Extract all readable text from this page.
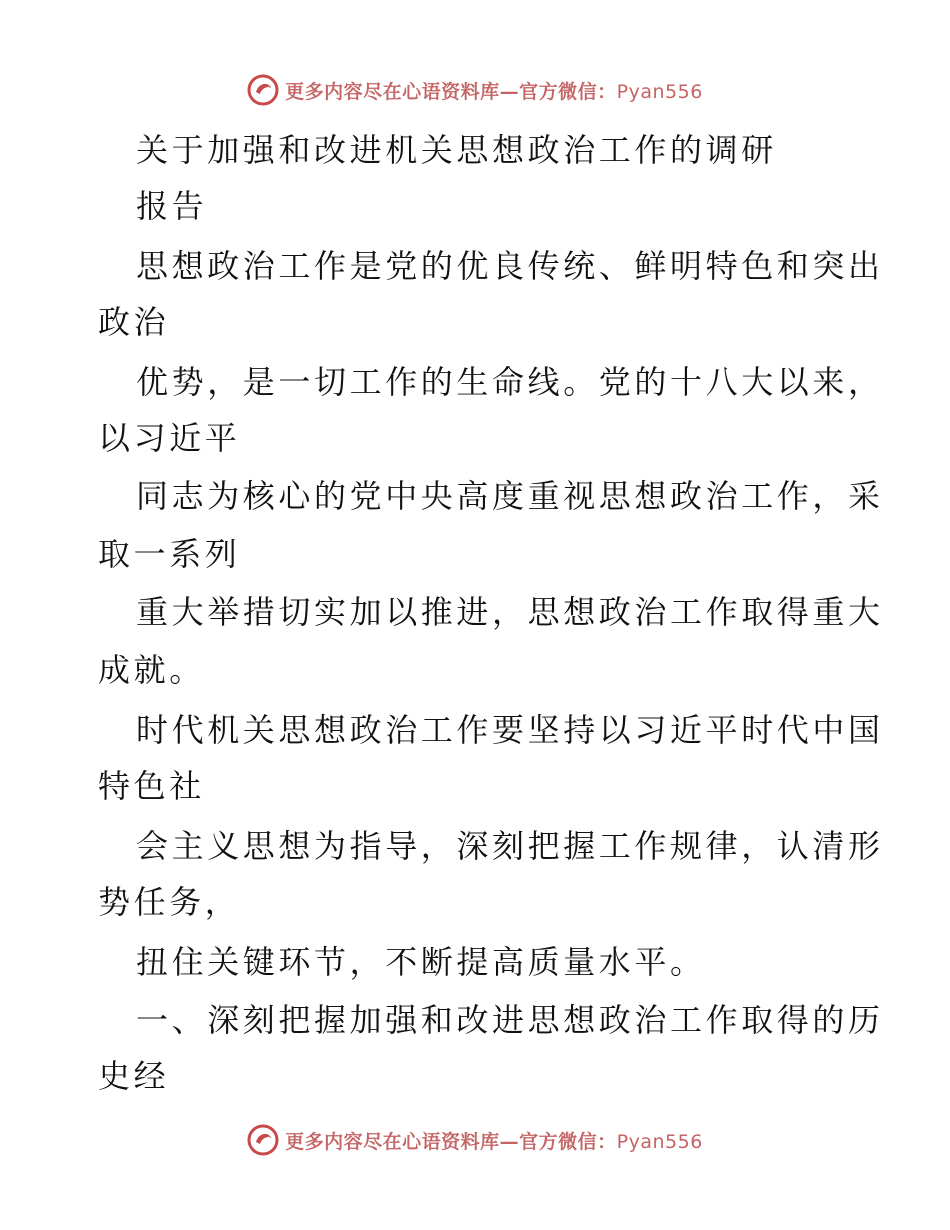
更多内容尽在心语资料库—官方微信：Pyan556
关于加强和改进机关思想政治工作的调研
报告
思想政治工作是党的优良传统、鲜明特色和突出
政治
优势，是一切工作的生命线。党的十八大以来，
以习近平
同志为核心的党中央高度重视思想政治工作，采
取一系列
重大举措切实加以推进，思想政治工作取得重大
成就。
时代机关思想政治工作要坚持以习近平时代中国
特色社
会主义思想为指导，深刻把握工作规律，认清形
势任务，
扭住关键环节，不断提高质量水平。
一、深刻把握加强和改进思想政治工作取得的历
史经
更多内容尽在心语资料库—官方微信：Pyan556
